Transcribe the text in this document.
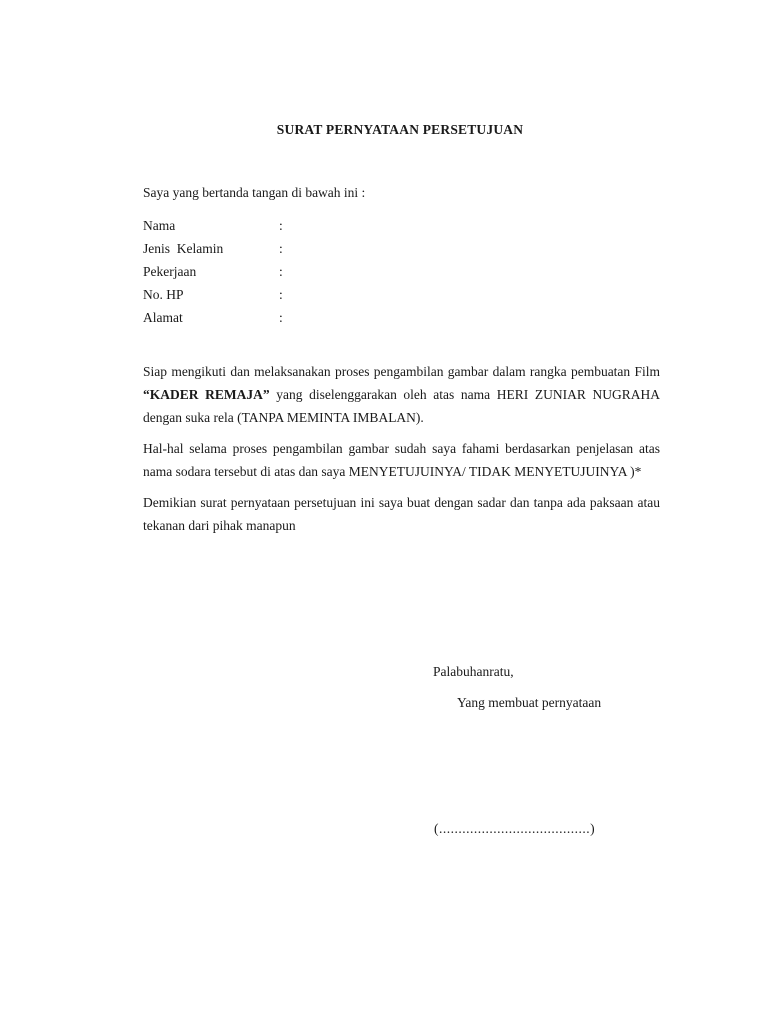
SURAT PERNYATAAN PERSETUJUAN
Saya yang bertanda tangan di bawah ini :
Nama	:
Jenis  Kelamin	:
Pekerjaan	:
No. HP	:
Alamat	:

Siap mengikuti dan melaksanakan proses pengambilan gambar dalam rangka pembuatan Film “KADER REMAJA” yang diselenggarakan oleh atas nama HERI ZUNIAR NUGRAHA dengan suka rela (TANPA MEMINTA IMBALAN).

Hal-hal selama proses pengambilan gambar sudah saya fahami berdasarkan penjelasan atas nama sodara tersebut di atas dan saya MENYETUJUINYA/ TIDAK MENYETUJUINYA )*

Demikian surat pernyataan persetujuan ini saya buat dengan sadar dan tanpa ada paksaan atau tekanan dari pihak manapun

Palabuhanratu,
Yang membuat pernyataan
(.......................................)
